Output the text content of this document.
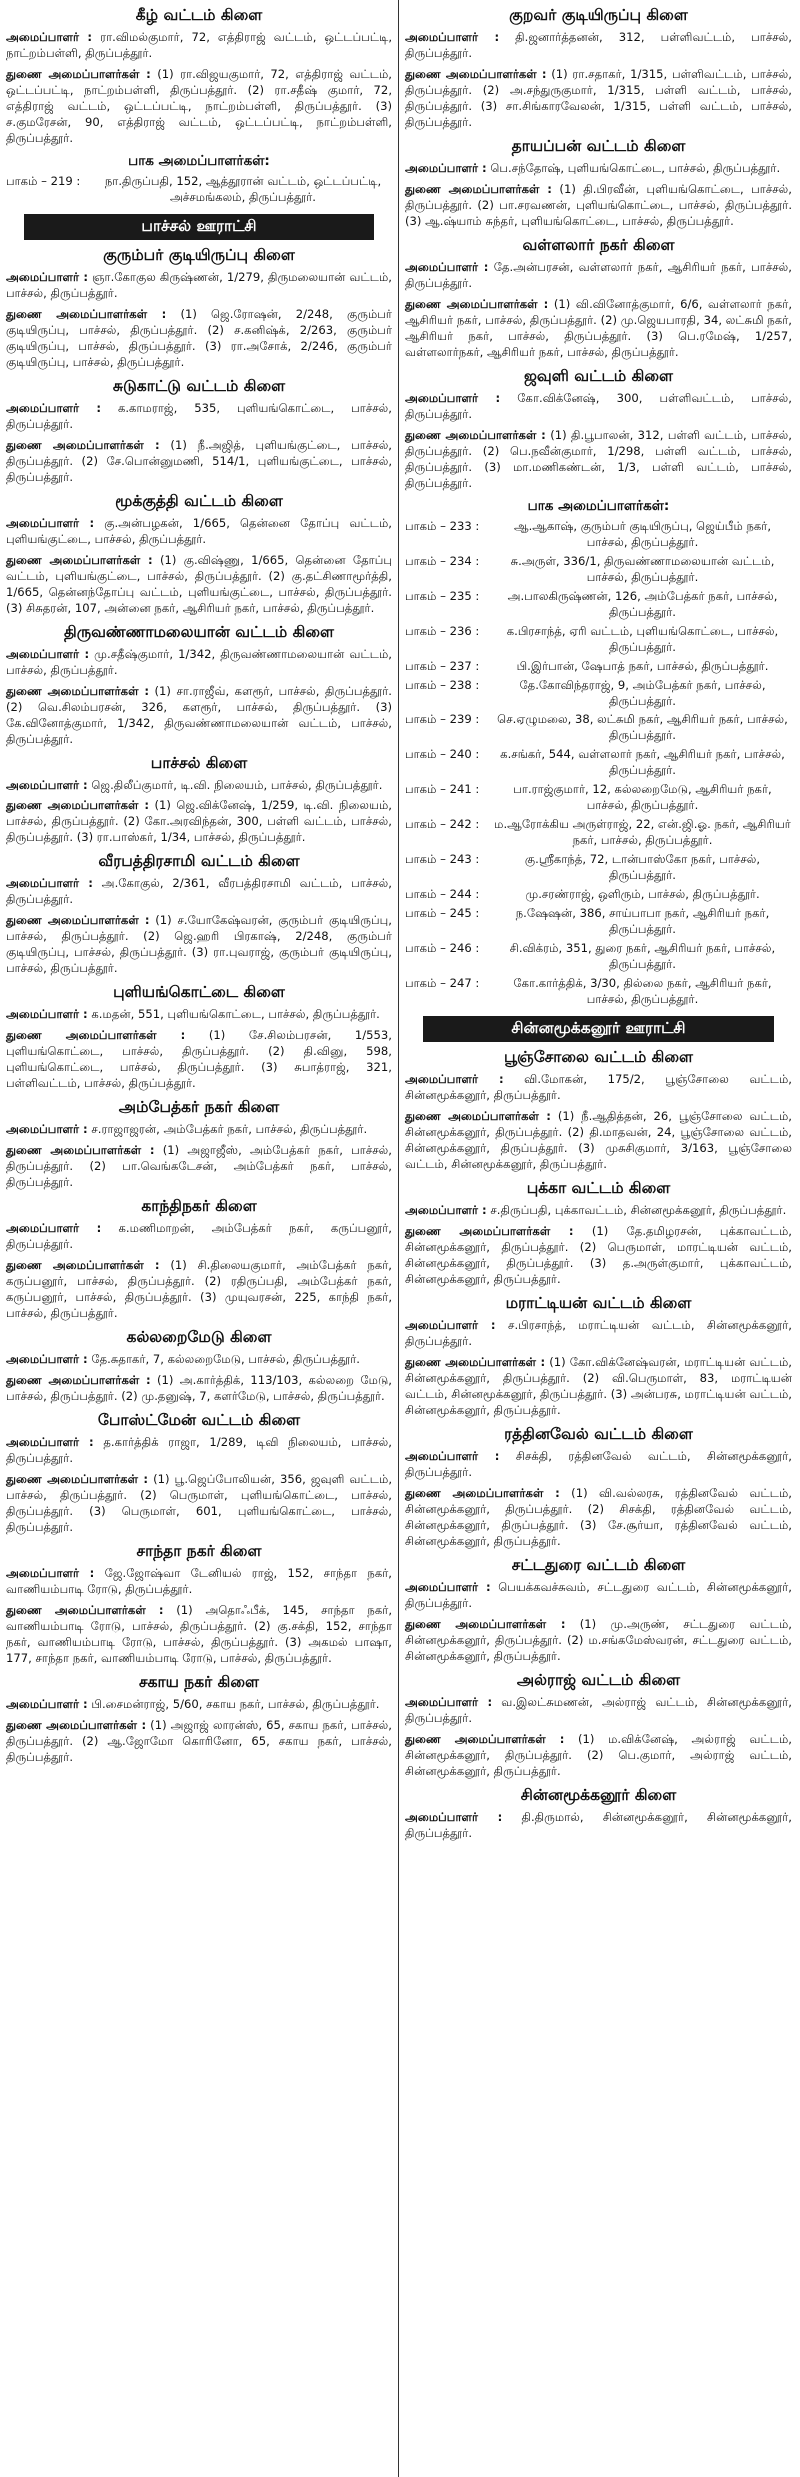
கீழ் வட்டம் கிளை
அமைப்பாளர் : ரா.விமல்குமார், 72, எத்திராஜ் வட்டம், ஒட்டப்பட்டி, நாட்றம்பள்ளி, திருப்பத்தூர்.
துணை அமைப்பாளர்கள் : (1) ரா.விஜயகுமார், 72, எத்திராஜ் வட்டம், ஒட்டப்பட்டி, நாட்றம்பள்ளி, திருப்பத்தூர். (2) ரா.சதீஷ் குமார், 72, எத்திராஜ் வட்டம், ஒட்டப்பட்டி, நாட்றம்பள்ளி, திருப்பத்தூர். (3) ச.குமரேசன், 90, எத்திராஜ் வட்டம், ஒட்டப்பட்டி, நாட்றம்பள்ளி, திருப்பத்தூர்.
பாக அமைப்பாளர்கள்:
பாகம் – 219 :	நா.திருப்பதி, 152, ஆத்தூரான் வட்டம், ஒட்டப்பட்டி, அச்சமங்கலம், திருப்பத்தூர்.
பாச்சல் ஊராட்சி
குரும்பர் குடியிருப்பு கிளை
அமைப்பாளர் : ஞா.கோகுல கிருஷ்ணன், 1/279, திருமலையான் வட்டம், பாச்சல், திருப்பத்தூர்.
துணை அமைப்பாளர்கள் : (1) ஜெ.ரோஷன், 2/248, குரும்பர் குடியிருப்பு, பாச்சல், திருப்பத்தூர். (2) ச.கனிஷ்க், 2/263, குரும்பர் குடியிருப்பு, பாச்சல், திருப்பத்தூர். (3) ரா.அசோக், 2/246, குரும்பர் குடியிருப்பு, பாச்சல், திருப்பத்தூர்.
சுடுகாட்டு வட்டம் கிளை
அமைப்பாளர் : க.காமராஜ், 535, புளியங்கொட்டை, பாச்சல், திருப்பத்தூர்.
துணை அமைப்பாளர்கள் : (1) நீ.அஜித், புளியங்குட்டை, பாச்சல், திருப்பத்தூர். (2) சே.பொன்னுமணி, 514/1, புளியங்குட்டை, பாச்சல், திருப்பத்தூர்.
மூக்குத்தி வட்டம் கிளை
அமைப்பாளர் : கு.அன்பழகன், 1/665, தென்னை தோப்பு வட்டம், புளியங்குட்டை, பாச்சல், திருப்பத்தூர்.
துணை அமைப்பாளர்கள் : (1) கு.விஷ்ணு, 1/665, தென்னை தோப்பு வட்டம், புளியங்குட்டை, பாச்சல், திருப்பத்தூர். (2) கு.தட்சிணாமூர்த்தி, 1/665, தென்னந்தோப்பு வட்டம், புளியங்குட்டை, பாச்சல், திருப்பத்தூர். (3) சிசுதரன், 107, அன்னை நகர், ஆசிரியர் நகர், பாச்சல், திருப்பத்தூர்.
திருவண்ணாமலையான் வட்டம் கிளை
அமைப்பாளர் : மு.சதீஷ்குமார், 1/342, திருவண்ணாமலையான் வட்டம், பாச்சல், திருப்பத்தூர்.
துணை அமைப்பாளர்கள் : (1) சா.ராஜீவ், களரூர், பாச்சல், திருப்பத்தூர். (2) வெ.சிலம்பரசன், 326, களரூர், பாச்சல், திருப்பத்தூர். (3) கே.வினோத்குமார், 1/342, திருவண்ணாமலையான் வட்டம், பாச்சல், திருப்பத்தூர்.
பாச்சல் கிளை
அமைப்பாளர் : ஜெ.திலீப்குமார், டி.வி. நிலையம், பாச்சல், திருப்பத்தூர்.
துணை அமைப்பாளர்கள் : (1) ஜெ.விக்னேஷ், 1/259, டி.வி. நிலையம், பாச்சல், திருப்பத்தூர். (2) கோ.அரவிந்தன், 300, பள்ளி வட்டம், பாச்சல், திருப்பத்தூர். (3) ரா.பாஸ்கர், 1/34, பாச்சல், திருப்பத்தூர்.
வீரபத்திரசாமி வட்டம் கிளை
அமைப்பாளர் : அ.கோகுல், 2/361, வீரபத்திரசாமி வட்டம், பாச்சல், திருப்பத்தூர்.
துணை அமைப்பாளர்கள் : (1) ச.யோகேஷ்வரன், குரும்பர் குடியிருப்பு, பாச்சல், திருப்பத்தூர். (2) ஜெ.ஹரி பிரகாஷ், 2/248, குரும்பர் குடியிருப்பு, பாச்சல், திருப்பத்தூர். (3) ரா.புவராஜ், குரும்பர் குடியிருப்பு, பாச்சல், திருப்பத்தூர்.
புளியங்கொட்டை கிளை
அமைப்பாளர் : க.மதன், 551, புளியங்கொட்டை, பாச்சல், திருப்பத்தூர்.
துணை அமைப்பாளர்கள் : (1) சே.சிலம்பரசன், 1/553, புளியங்கொட்டை, பாச்சல், திருப்பத்தூர். (2) தி.வினு, 598, புளியங்கொட்டை, பாச்சல், திருப்பத்தூர். (3) சுபாத்ராஜ், 321, பள்ளிவட்டம், பாச்சல், திருப்பத்தூர்.
அம்பேத்கர் நகர் கிளை
அமைப்பாளர் : ச.ராஜாஜரன், அம்பேத்கர் நகர், பாச்சல், திருப்பத்தூர்.
துணை அமைப்பாளர்கள் : (1) அஜாஜீஸ், அம்பேத்கர் நகர், பாச்சல், திருப்பத்தூர். (2) பா.வெங்கடேசன், அம்பேத்கர் நகர், பாச்சல், திருப்பத்தூர்.
காந்திநகர் கிளை
அமைப்பாளர் : க.மணிமாறன், அம்பேத்கர் நகர், கருப்பனூர், திருப்பத்தூர்.
துணை அமைப்பாளர்கள் : (1) சி.திலையகுமார், அம்பேத்கர் நகர், கருப்பனூர், பாச்சல், திருப்பத்தூர். (2) ரதிருப்பதி, அம்பேத்கர் நகர், கருப்பனூர், பாச்சல், திருப்பத்தூர். (3) முயுவரசன், 225, காந்தி நகர், பாச்சல், திருப்பத்தூர்.
கல்லறைமேடு கிளை
அமைப்பாளர் : தே.சுதாகர், 7, கல்லறைமேடு, பாச்சல், திருப்பத்தூர்.
துணை அமைப்பாளர்கள் : (1) அ.கார்த்திக், 113/103, கல்லறை மேடு, பாச்சல், திருப்பத்தூர். (2) மு.தனுஷ், 7, களர்மேடு, பாச்சல், திருப்பத்தூர்.
போஸ்ட்மேன் வட்டம் கிளை
அமைப்பாளர் : த.கார்த்திக் ராஜா, 1/289, டிவி நிலையம், பாச்சல், திருப்பத்தூர்.
துணை அமைப்பாளர்கள் : (1) பூ.ஜெப்போலியன், 356, ஜவுளி வட்டம், பாச்சல், திருப்பத்தூர். (2) பெருமாள், புளியங்கொட்டை, பாச்சல், திருப்பத்தூர். (3) பெருமாள், 601, புளியங்கொட்டை, பாச்சல், திருப்பத்தூர்.
சாந்தா நகர் கிளை
அமைப்பாளர் : ஜே.ஜோஷ்வா டேனியல் ராஜ், 152, சாந்தா நகர், வாணியம்பாடி ரோடு, திருப்பத்தூர்.
துணை அமைப்பாளர்கள் : (1) அதொஃபீக், 145, சாந்தா நகர், வாணியம்பாடி ரோடு, பாச்சல், திருப்பத்தூர். (2) கு.சக்தி, 152, சாந்தா நகர், வாணியம்பாடி ரோடு, பாச்சல், திருப்பத்தூர். (3) அகமல் பாஷா, 177, சாந்தா நகர், வாணியம்பாடி ரோடு, பாச்சல், திருப்பத்தூர்.
சகாய நகர் கிளை
அமைப்பாளர் : பி.சைமன்ராஜ், 5/60, சகாய நகர், பாச்சல், திருப்பத்தூர்.
துணை அமைப்பாளர்கள் : (1) அஜாஜ் லாரன்ஸ், 65, சகாய நகர், பாச்சல், திருப்பத்தூர். (2) ஆ.ஜோமோ கொரினோ, 65, சகாய நகர், பாச்சல், திருப்பத்தூர்.
குறவர் குடியிருப்பு கிளை
அமைப்பாளர் : தி.ஜனார்த்தனன், 312, பள்ளிவட்டம், பாச்சல், திருப்பத்தூர்.
துணை அமைப்பாளர்கள் : (1) ரா.சதாகர், 1/315, பள்ளிவட்டம், பாச்சல், திருப்பத்தூர். (2) அ.சந்துருகுமார், 1/315, பள்ளி வட்டம், பாச்சல், திருப்பத்தூர். (3) சா.சிங்காரவேலன், 1/315, பள்ளி வட்டம், பாச்சல், திருப்பத்தூர்.
தாயப்பன் வட்டம் கிளை
அமைப்பாளர் : பெ.சந்தோஷ், புளியங்கொட்டை, பாச்சல், திருப்பத்தூர்.
துணை அமைப்பாளர்கள் : (1) தி.பிரவீன், புளியங்கொட்டை, பாச்சல், திருப்பத்தூர். (2) பா.சரவணன், புளியங்கொட்டை, பாச்சல், திருப்பத்தூர். (3) ஆ.ஷ்யாம் சுந்தர், புளியங்கொட்டை, பாச்சல், திருப்பத்தூர்.
வள்ளலார் நகர் கிளை
அமைப்பாளர் : தே.அன்பரசன், வள்ளலார் நகர், ஆசிரியர் நகர், பாச்சல், திருப்பத்தூர்.
துணை அமைப்பாளர்கள் : (1) வி.வினோத்குமார், 6/6, வள்ளலார் நகர், ஆசிரியர் நகர், பாச்சல், திருப்பத்தூர். (2) மு.ஜெயபாரதி, 34, லட்சுமி நகர், ஆசிரியர் நகர், பாச்சல், திருப்பத்தூர். (3) பெ.ரமேஷ், 1/257, வள்ளலார்நகர், ஆசிரியர் நகர், பாச்சல், திருப்பத்தூர்.
ஜவுளி வட்டம் கிளை
அமைப்பாளர் : கோ.விக்னேஷ், 300, பள்ளிவட்டம், பாச்சல், திருப்பத்தூர்.
துணை அமைப்பாளர்கள் : (1) தி.பூபாலன், 312, பள்ளி வட்டம், பாச்சல், திருப்பத்தூர். (2) பெ.நவீன்குமார், 1/298, பள்ளி வட்டம், பாச்சல், திருப்பத்தூர். (3) மா.மணிகண்டன், 1/3, பள்ளி வட்டம், பாச்சல், திருப்பத்தூர்.
பாக அமைப்பாளர்கள்:
பாகம் – 233 :	ஆ.ஆகாஷ், குரும்பர் குடியிருப்பு, ஜெய்பீம் நகர், பாச்சல், திருப்பத்தூர்.
பாகம் – 234 :	சு.அருள், 336/1, திருவண்ணாமலையான் வட்டம், பாச்சல், திருப்பத்தூர்.
பாகம் – 235 :	அ.பாலகிருஷ்ணன், 126, அம்பேத்கர் நகர், பாச்சல், திருப்பத்தூர்.
பாகம் – 236 :	க.பிரசாந்த், ஏரி வட்டம், புளியங்கொட்டை, பாச்சல், திருப்பத்தூர்.
பாகம் – 237 :	பி.இர்பான், ஷேபாத் நகர், பாச்சல், திருப்பத்தூர்.
பாகம் – 238 :	தே.கோவிந்தராஜ், 9, அம்பேத்கர் நகர், பாச்சல், திருப்பத்தூர்.
பாகம் – 239 :	செ.ஏழுமலை, 38, லட்சுமி நகர், ஆசிரியர் நகர், பாச்சல், திருப்பத்தூர்.
பாகம் – 240 :	க.சங்கர், 544, வள்ளலார் நகர், ஆசிரியர் நகர், பாச்சல், திருப்பத்தூர்.
பாகம் – 241 :	பா.ராஜ்குமார், 12, கல்லறைமேடு, ஆசிரியர் நகர், பாச்சல், திருப்பத்தூர்.
பாகம் – 242 :	ம.ஆரோக்கிய அருள்ராஜ், 22, என்.ஜி.ஓ. நகர், ஆசிரியர் நகர், பாச்சல், திருப்பத்தூர்.
பாகம் – 243 :	கு.ஸ்ரீகாந்த், 72, டான்பாஸ்கோ நகர், பாச்சல், திருப்பத்தூர்.
பாகம் – 244 :	மு.சரண்ராஜ், ஒளிரும், பாச்சல், திருப்பத்தூர்.
பாகம் – 245 :	ந.ஷேஷன், 386, சாய்பாபா நகர், ஆசிரியர் நகர், திருப்பத்தூர்.
பாகம் – 246 :	சி.விக்ரம், 351, துரை நகர், ஆசிரியர் நகர், பாச்சல், திருப்பத்தூர்.
பாகம் – 247 :	கோ.கார்த்திக், 3/30, தில்லை நகர், ஆசிரியர் நகர், பாச்சல், திருப்பத்தூர்.
சின்னமூக்கனூர் ஊராட்சி
பூஞ்சோலை வட்டம் கிளை
அமைப்பாளர் : வி.மோகன், 175/2, பூஞ்சோலை வட்டம், சின்னமூக்கனூர், திருப்பத்தூர்.
துணை அமைப்பாளர்கள் : (1) நீ.ஆதித்தன், 26, பூஞ்சோலை வட்டம், சின்னமூக்கனூர், திருப்பத்தூர். (2) தி.மாதவன், 24, பூஞ்சோலை வட்டம், சின்னமூக்கனூர், திருப்பத்தூர். (3) முசுசிகுமார், 3/163, பூஞ்சோலை வட்டம், சின்னமூக்கனூர், திருப்பத்தூர்.
புக்கா வட்டம் கிளை
அமைப்பாளர் : ச.திருப்பதி, புக்காவட்டம், சின்னமூக்கனூர், திருப்பத்தூர்.
துணை அமைப்பாளர்கள் : (1) தே.தமிழரசன், புக்காவட்டம், சின்னமூக்கனூர், திருப்பத்தூர். (2) பெருமாள், மாரட்டியன் வட்டம், சின்னமூக்கனூர், திருப்பத்தூர். (3) த.அருள்குமார், புக்காவட்டம், சின்னமூக்கனூர், திருப்பத்தூர்.
மராட்டியன் வட்டம் கிளை
அமைப்பாளர் : ச.பிரசாந்த், மராட்டியன் வட்டம், சின்னமூக்கனூர், திருப்பத்தூர்.
துணை அமைப்பாளர்கள் : (1) கோ.விக்னேஷ்வரன், மராட்டியன் வட்டம், சின்னமூக்கனூர், திருப்பத்தூர். (2) வி.பெருமாள், 83, மராட்டியன் வட்டம், சின்னமூக்கனூர், திருப்பத்தூர். (3) அன்பரசு, மராட்டியன் வட்டம், சின்னமூக்கனூர், திருப்பத்தூர்.
ரத்தினவேல் வட்டம் கிளை
அமைப்பாளர் : சிசக்தி, ரத்தினவேல் வட்டம், சின்னமூக்கனூர், திருப்பத்தூர்.
துணை அமைப்பாளர்கள் : (1) வி.வல்லரசு, ரத்தினவேல் வட்டம், சின்னமூக்கனூர், திருப்பத்தூர். (2) சிசக்தி, ரத்தினவேல் வட்டம், சின்னமூக்கனூர், திருப்பத்தூர். (3) சே.சூர்யா, ரத்தினவேல் வட்டம், சின்னமூக்கனூர், திருப்பத்தூர்.
சட்டதுரை வட்டம் கிளை
அமைப்பாளர் : பெயக்கவச்சுவம், சட்டதுரை வட்டம், சின்னமூக்கனூர், திருப்பத்தூர்.
துணை அமைப்பாளர்கள் : (1) மு.அருண், சட்டதுரை வட்டம், சின்னமூக்கனூர், திருப்பத்தூர். (2) ம.சங்கமேஸ்வரன், சட்டதுரை வட்டம், சின்னமூக்கனூர், திருப்பத்தூர்.
அல்ராஜ் வட்டம் கிளை
அமைப்பாளர் : வ.இலட்சுமணன், அல்ராஜ் வட்டம், சின்னமூக்கனூர், திருப்பத்தூர்.
துணை அமைப்பாளர்கள் : (1) ம.விக்னேஷ், அல்ராஜ் வட்டம், சின்னமூக்கனூர், திருப்பத்தூர். (2) பெ.குமார், அல்ராஜ் வட்டம், சின்னமூக்கனூர், திருப்பத்தூர்.
சின்னமூக்கனூர் கிளை
அமைப்பாளர் : தி.திருமால், சின்னமூக்கனூர், சின்னமூக்கனூர், திருப்பத்தூர்.
